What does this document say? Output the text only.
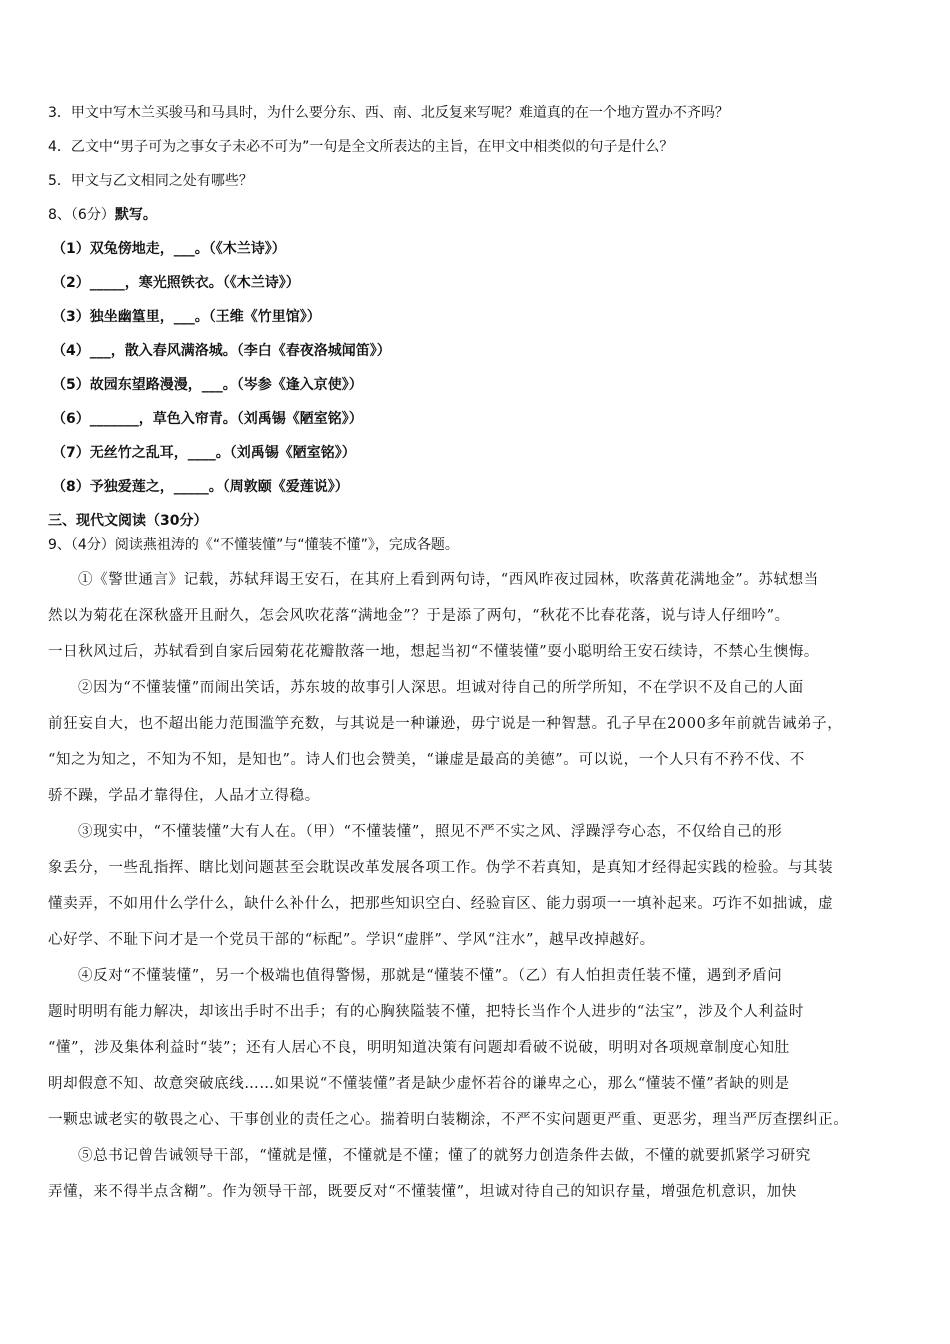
3．甲文中写木兰买骏马和马具时，为什么要分东、西、南、北反复来写呢？难道真的在一个地方置办不齐吗？
4．乙文中“男子可为之事女子未必不可为”一句是全文所表达的主旨，在甲文中相类似的句子是什么？
5．甲文与乙文相同之处有哪些？
8、（6分）默写。
（1）双兔傍地走，___。（《木兰诗》）
（2）_____，寒光照铁衣。（《木兰诗》）
（3）独坐幽篁里，___。（王维《竹里馆》）
（4）___，散入春风满洛城。（李白《春夜洛城闻笛》）
（5）故园东望路漫漫，___。（岑参《逢入京使》）
（6）_______，草色入帘青。（刘禹锡《陋室铭》）
（7）无丝竹之乱耳，____。（刘禹锡《陋室铭》）
（8）予独爱莲之，_____。（周敦颐《爱莲说》）
三、现代文阅读（30分）
9、（4分）阅读燕祖涛的《“不懂装懂”与“懂装不懂”》，完成各题。
①《警世通言》记载，苏轼拜谒王安石，在其府上看到两句诗，“西风昨夜过园林，吹落黄花满地金”。苏轼想当
然以为菊花在深秋盛开且耐久，怎会风吹花落“满地金”？于是添了两句，“秋花不比春花落，说与诗人仔细吟”。
一日秋风过后，苏轼看到自家后园菊花花瓣散落一地，想起当初“不懂装懂”耍小聪明给王安石续诗，不禁心生懊悔。
②因为“不懂装懂”而闹出笑话，苏东坡的故事引人深思。坦诚对待自己的所学所知，不在学识不及自己的人面
前狂妄自大，也不超出能力范围滥竽充数，与其说是一种谦逊，毋宁说是一种智慧。孔子早在2000多年前就告诫弟子，
“知之为知之，不知为不知，是知也”。诗人们也会赞美，“谦虚是最高的美德”。可以说，一个人只有不矜不伐、不
骄不躁，学品才靠得住，人品才立得稳。
③现实中，“不懂装懂”大有人在。（甲）“不懂装懂”，照见不严不实之风、浮躁浮夸心态，不仅给自己的形
象丢分，一些乱指挥、瞎比划问题甚至会耽误改革发展各项工作。伪学不若真知，是真知才经得起实践的检验。与其装
懂卖弄，不如用什么学什么，缺什么补什么，把那些知识空白、经验盲区、能力弱项一一填补起来。巧诈不如拙诚，虚
心好学、不耻下问才是一个党员干部的“标配”。学识“虚胖”、学风“注水”，越早改掉越好。
④反对“不懂装懂”，另一个极端也值得警惕，那就是“懂装不懂”。（乙）有人怕担责任装不懂，遇到矛盾问
题时明明有能力解决，却该出手时不出手；有的心胸狭隘装不懂，把特长当作个人进步的“法宝”，涉及个人利益时
“懂”，涉及集体利益时“装”；还有人居心不良，明明知道决策有问题却看破不说破，明明对各项规章制度心知肚
明却假意不知、故意突破底线……如果说“不懂装懂”者是缺少虚怀若谷的谦卑之心，那么“懂装不懂”者缺的则是
一颗忠诚老实的敬畏之心、干事创业的责任之心。揣着明白装糊涂，不严不实问题更严重、更恶劣，理当严厉查摆纠正。
⑤总书记曾告诫领导干部，“懂就是懂，不懂就是不懂；懂了的就努力创造条件去做，不懂的就要抓紧学习研究
弄懂，来不得半点含糊”。作为领导干部，既要反对“不懂装懂”，坦诚对待自己的知识存量，增强危机意识，加快
